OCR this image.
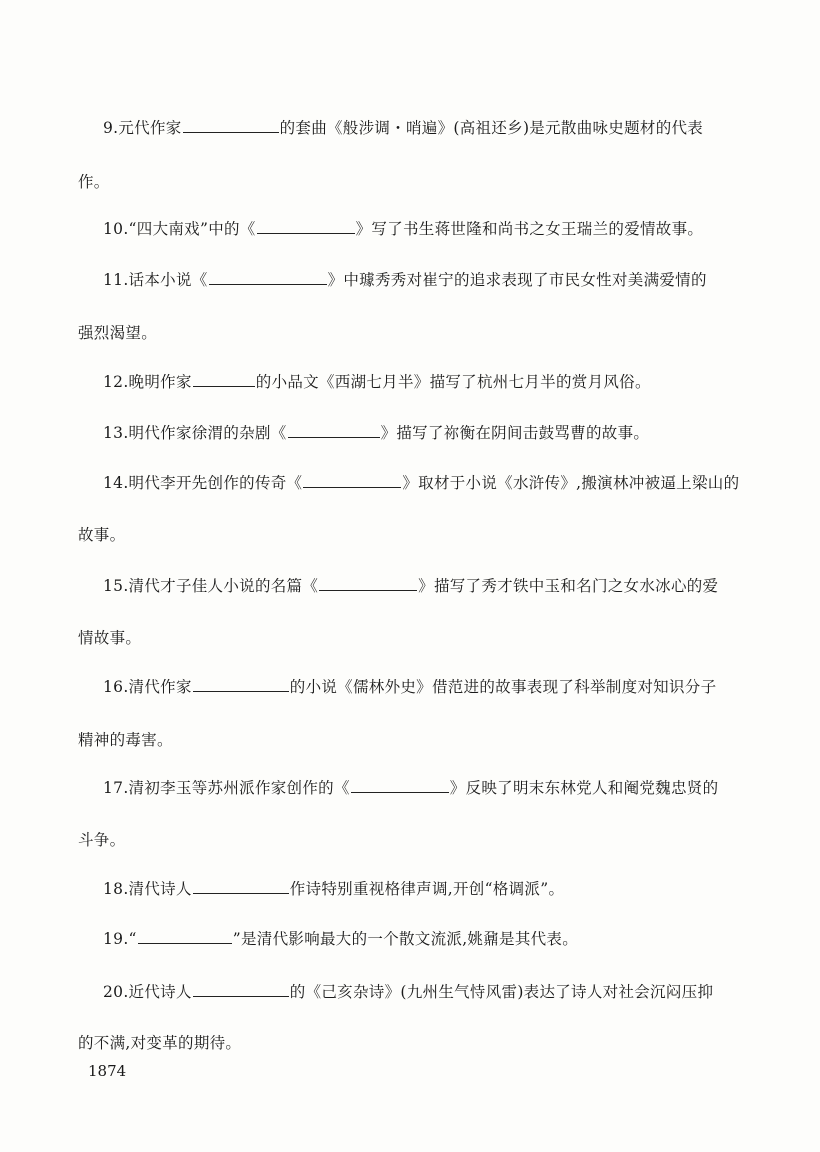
9.元代作家	的套曲《般涉调・哨遍》(高祖还乡)是元散曲咏史题材的代表
作。
10.“四大南戏”中的《	》写了书生蒋世隆和尚书之女王瑞兰的爱情故事。
11.话本小说《	》中璩秀秀对崔宁的追求表现了市民女性对美满爱情的
强烈渴望。
12.晚明作家	的小品文《西湖七月半》描写了杭州七月半的赏月风俗。
13.明代作家徐渭的杂剧《	》描写了祢衡在阴间击鼓骂曹的故事。
14.明代李开先创作的传奇《	》取材于小说《水浒传》,搬演林冲被逼上梁山的
故事。
15.清代才子佳人小说的名篇《	》描写了秀才铁中玉和名门之女水冰心的爱
情故事。
16.清代作家	的小说《儒林外史》借范进的故事表现了科举制度对知识分子
精神的毒害。
17.清初李玉等苏州派作家创作的《	》反映了明末东林党人和阉党魏忠贤的
斗争。
18.清代诗人	作诗特别重视格律声调,开创“格调派”。
19.“	”是清代影响最大的一个散文流派,姚鼐是其代表。
20.近代诗人	的《己亥杂诗》(九州生气恃风雷)表达了诗人对社会沉闷压抑
的不满,对变革的期待。
1874
